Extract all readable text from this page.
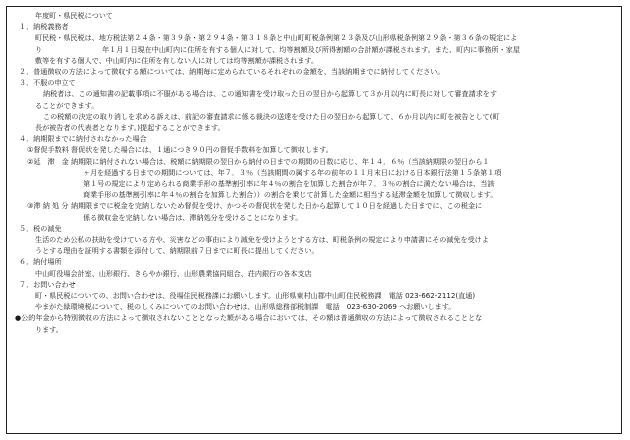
年度町・県民税について
１．納税義務者
町民税・県民税は、地方税法第２４条・第３９条・第２９４条・第３１８条と中山町町税条例第２３条及び山形県税条例第２９条・第３６条の規定によ
り	年１月１日現在中山町内に住所を有する個人に対して、均等割額及び所得割額の合計額が課税されます。また、町内に事務所・家屋
敷等を有する個人で、中山町内に住所を有しない人に対しては均等割額が課税されます。
２．普通徴収の方法によって徴収する額については、納期毎に定められているそれぞれの金額を、当該納期までに納付してください。
３．不服の申立て
納税者は、この通知書の記載事項に不服がある場合は、この通知書を受け取った日の翌日から起算して３か月以内に町長に対して審査請求をす
ることができます。
この税額の決定の取り消しを求める訴えは、前記の審査請求に係る裁決の送達を受けた日の翌日から起算して、６か月以内に町を被告として(町
長が被告者の代表者となります。)提起することができます。
４．納期限までに納付されなかった場合
①督促手数料 督促状を発した場合には、１通につき９０円の督促手数料を加算して徴収します。
②延　滞　金 納期限に納付されない場合は、税額に納期限の翌日から納付の日までの期間の日数に応じ、年１４．６％（当該納期限の翌日から１
ヶ月を経過する日までの期間については、年７．３％（当該期間の属する年の前年の１１月末日における日本銀行法第１５条第１項
第１号の規定により定められる商業手形の基準割引率に年４％の割合を加算した割合が年７．３％の割合に満たない場合は、当該
商業手形の基準割引率に年４％の割合を加算した割合））の割合を乗じて計算した金額に相当する延滞金額を加算して徴収します。
③滞 納 処 分 納期限までに税金を完納しないため督促を受け、かつその督促状を発した日から起算して１０日を経過した日までに、この税金に
係る徴収金を完納しない場合は、滞納処分を受けることになります。
５．税の減免
生活のため公私の扶助を受けている方や、災害などの事由により減免を受けようとする方は、町税条例の規定により申請書にその減免を受けよ
うとする理由を証明する書類を添付して、納期限前７日までに町長に提出してください。
６．納付場所
中山町役場会計室、山形銀行、きらやか銀行、山形農業協同組合、荘内銀行の各本支店
７．お問い合わせ
町・県民税についての、お問い合わせは、役場住民税務課にお願いします。山形県東村山郡中山町住民税務課　電話 023-662-2112(直通)
やまがた緑環境税について、税のしくみについてのお問い合わせは、山形県総務部税制課　電話　023-630-2069 へお願いします。
●公的年金から特別徴収の方法によって徴収されないこととなった額がある場合においては、その額は普通徴収の方法によって徴収されることとな
ります。
